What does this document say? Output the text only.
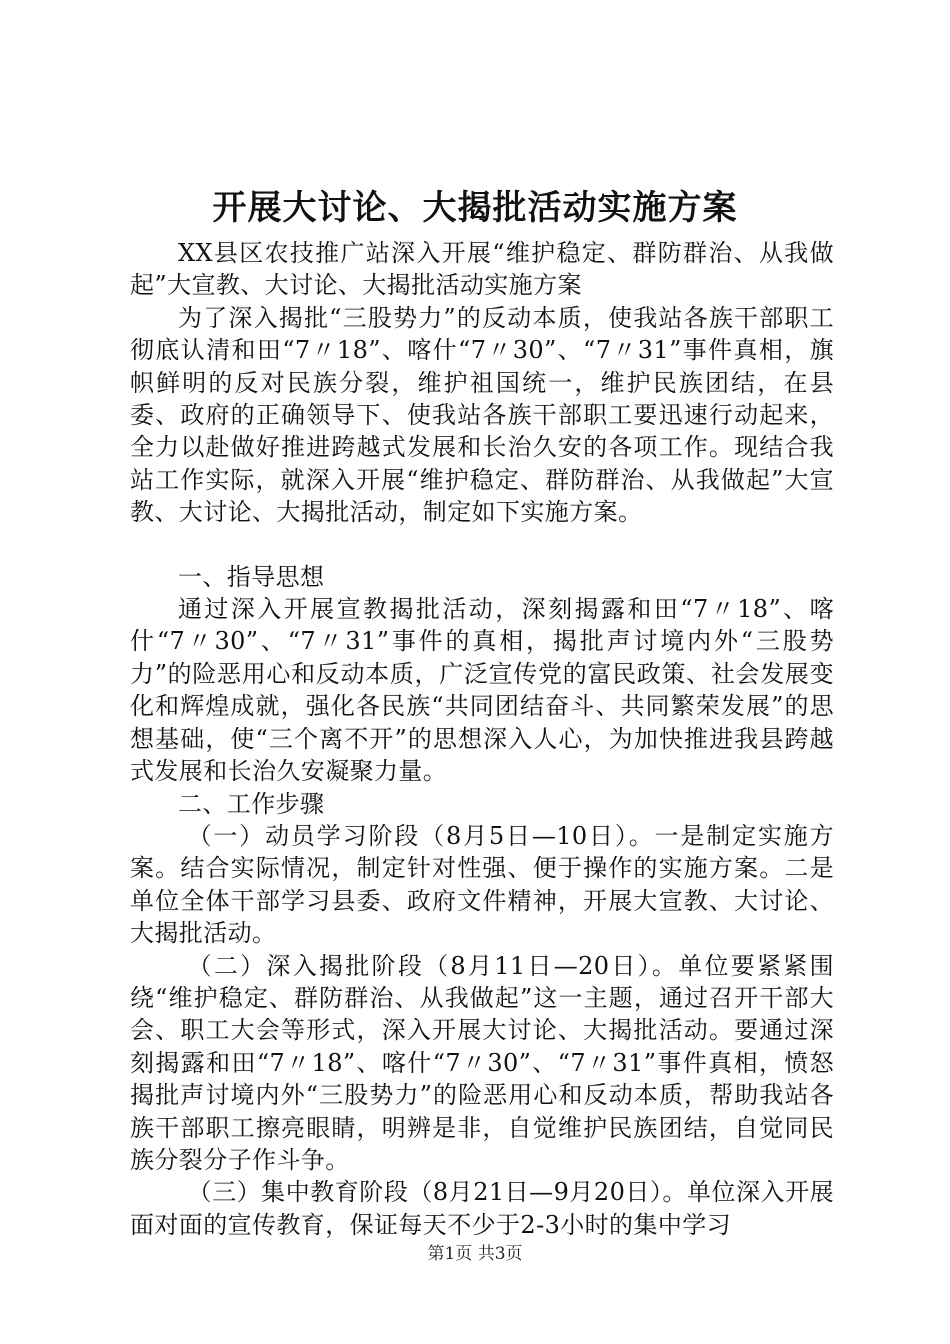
开展大讨论、大揭批活动实施方案

XX县区农技推广站深入开展“维护稳定、群防群治、从我做起”大宣教、大讨论、大揭批活动实施方案

为了深入揭批“三股势力”的反动本质，使我站各族干部职工彻底认清和田“7〃18”、喀什“7〃30”、“7〃31”事件真相，旗帜鲜明的反对民族分裂，维护祖国统一，维护民族团结，在县委、政府的正确领导下、使我站各族干部职工要迅速行动起来，全力以赴做好推进跨越式发展和长治久安的各项工作。现结合我站工作实际，就深入开展“维护稳定、群防群治、从我做起”大宣教、大讨论、大揭批活动，制定如下实施方案。

一、指导思想

通过深入开展宣教揭批活动，深刻揭露和田“7〃18”、喀什“7〃30”、“7〃31”事件的真相，揭批声讨境内外“三股势力”的险恶用心和反动本质，广泛宣传党的富民政策、社会发展变化和辉煌成就，强化各民族“共同团结奋斗、共同繁荣发展”的思想基础，使“三个离不开”的思想深入人心，为加快推进我县跨越式发展和长治久安凝聚力量。

二、工作步骤

（一）动员学习阶段（8月5日—10日）。一是制定实施方案。结合实际情况，制定针对性强、便于操作的实施方案。二是单位全体干部学习县委、政府文件精神，开展大宣教、大讨论、大揭批活动。

（二）深入揭批阶段（8月11日—20日）。单位要紧紧围绕“维护稳定、群防群治、从我做起”这一主题，通过召开干部大会、职工大会等形式，深入开展大讨论、大揭批活动。要通过深刻揭露和田“7〃18”、喀什“7〃30”、“7〃31”事件真相，愤怒揭批声讨境内外“三股势力”的险恶用心和反动本质，帮助我站各族干部职工擦亮眼睛，明辨是非，自觉维护民族团结，自觉同民族分裂分子作斗争。

（三）集中教育阶段（8月21日—9月20日）。单位深入开展面对面的宣传教育，保证每天不少于2-3小时的集中学习

第1页 共3页
